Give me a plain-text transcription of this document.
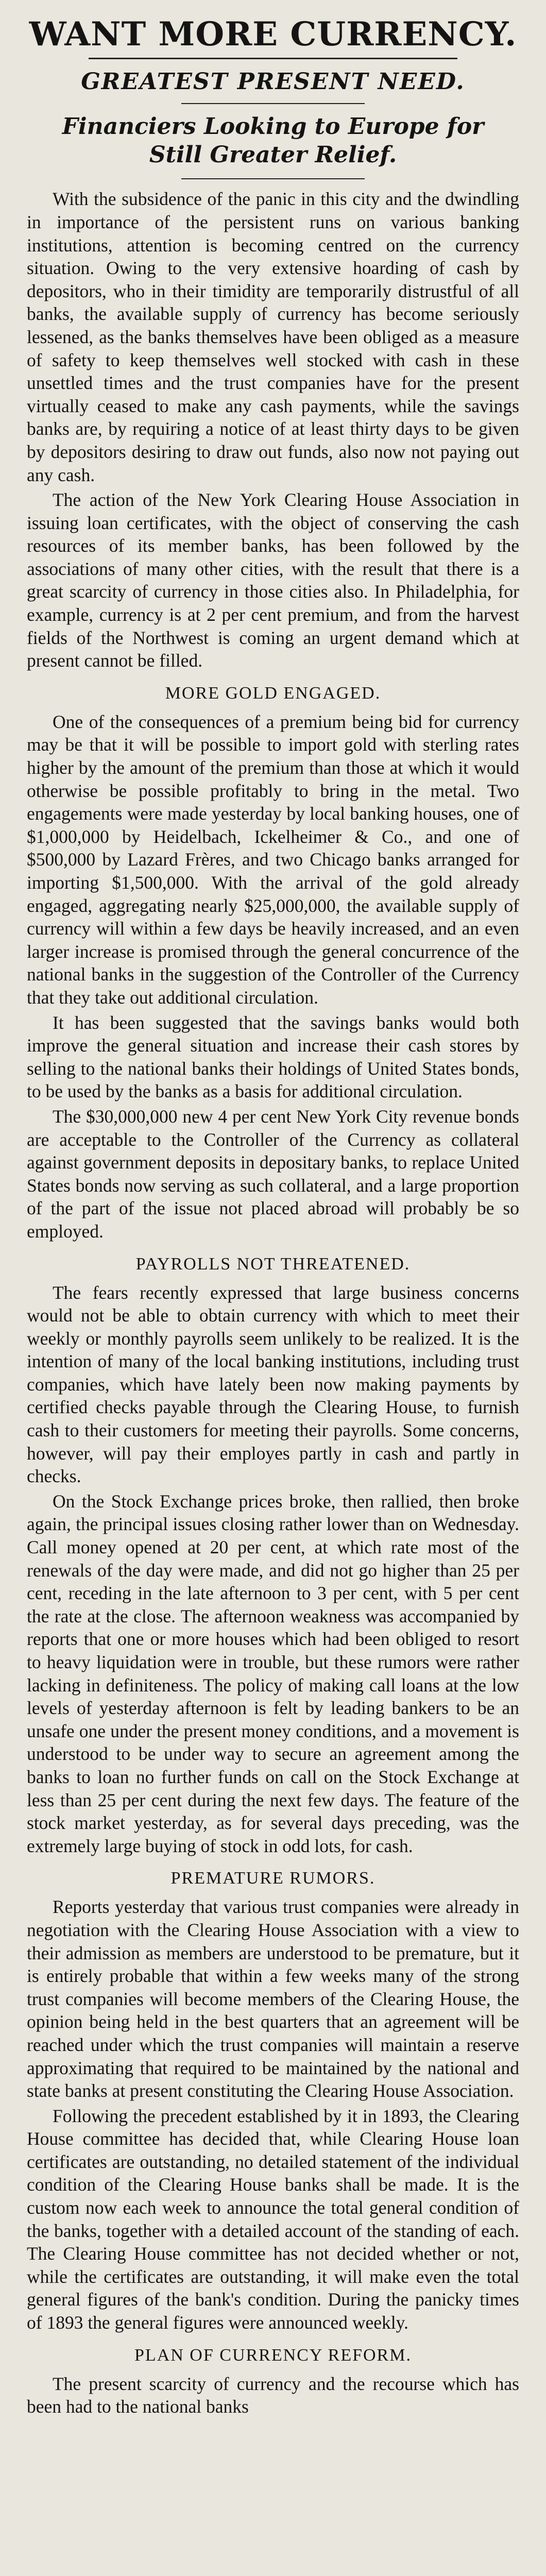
WANT MORE CURRENCY.
GREATEST PRESENT NEED.
Financiers Looking to Europe for Still Greater Relief.

With the subsidence of the panic in this city and the dwindling in importance of the persistent runs on various banking institutions, attention is becoming centred on the currency situation. Owing to the very extensive hoarding of cash by depositors, who in their timidity are temporarily distrustful of all banks, the available supply of currency has become seriously lessened, as the banks themselves have been obliged as a measure of safety to keep themselves well stocked with cash in these unsettled times and the trust companies have for the present virtually ceased to make any cash payments, while the savings banks are, by requiring a notice of at least thirty days to be given by depositors desiring to draw out funds, also now not paying out any cash.

The action of the New York Clearing House Association in issuing loan certificates, with the object of conserving the cash resources of its member banks, has been followed by the associations of many other cities, with the result that there is a great scarcity of currency in those cities also. In Philadelphia, for example, currency is at 2 per cent premium, and from the harvest fields of the Northwest is coming an urgent demand which at present cannot be filled.

MORE GOLD ENGAGED.

One of the consequences of a premium being bid for currency may be that it will be possible to import gold with sterling rates higher by the amount of the premium than those at which it would otherwise be possible profitably to bring in the metal. Two engagements were made yesterday by local banking houses, one of $1,000,000 by Heidelbach, Ickelheimer & Co., and one of $500,000 by Lazard Frères, and two Chicago banks arranged for importing $1,500,000. With the arrival of the gold already engaged, aggregating nearly $25,000,000, the available supply of currency will within a few days be heavily increased, and an even larger increase is promised through the general concurrence of the national banks in the suggestion of the Controller of the Currency that they take out additional circulation.

It has been suggested that the savings banks would both improve the general situation and increase their cash stores by selling to the national banks their holdings of United States bonds, to be used by the banks as a basis for additional circulation.

The $30,000,000 new 4 per cent New York City revenue bonds are acceptable to the Controller of the Currency as collateral against government deposits in depositary banks, to replace United States bonds now serving as such collateral, and a large proportion of the part of the issue not placed abroad will probably be so employed.

PAYROLLS NOT THREATENED.

The fears recently expressed that large business concerns would not be able to obtain currency with which to meet their weekly or monthly payrolls seem unlikely to be realized. It is the intention of many of the local banking institutions, including trust companies, which have lately been now making payments by certified checks payable through the Clearing House, to furnish cash to their customers for meeting their payrolls. Some concerns, however, will pay their employes partly in cash and partly in checks.

On the Stock Exchange prices broke, then rallied, then broke again, the principal issues closing rather lower than on Wednesday. Call money opened at 20 per cent, at which rate most of the renewals of the day were made, and did not go higher than 25 per cent, receding in the late afternoon to 3 per cent, with 5 per cent the rate at the close. The afternoon weakness was accompanied by reports that one or more houses which had been obliged to resort to heavy liquidation were in trouble, but these rumors were rather lacking in definiteness. The policy of making call loans at the low levels of yesterday afternoon is felt by leading bankers to be an unsafe one under the present money conditions, and a movement is understood to be under way to secure an agreement among the banks to loan no further funds on call on the Stock Exchange at less than 25 per cent during the next few days. The feature of the stock market yesterday, as for several days preceding, was the extremely large buying of stock in odd lots, for cash.

PREMATURE RUMORS.

Reports yesterday that various trust companies were already in negotiation with the Clearing House Association with a view to their admission as members are understood to be premature, but it is entirely probable that within a few weeks many of the strong trust companies will become members of the Clearing House, the opinion being held in the best quarters that an agreement will be reached under which the trust companies will maintain a reserve approximating that required to be maintained by the national and state banks at present constituting the Clearing House Association.

Following the precedent established by it in 1893, the Clearing House committee has decided that, while Clearing House loan certificates are outstanding, no detailed statement of the individual condition of the Clearing House banks shall be made. It is the custom now each week to announce the total general condition of the banks, together with a detailed account of the standing of each. The Clearing House committee has not decided whether or not, while the certificates are outstanding, it will make even the total general figures of the bank's condition. During the panicky times of 1893 the general figures were announced weekly.

PLAN OF CURRENCY REFORM.

The present scarcity of currency and the recourse which has been had to the national banks
